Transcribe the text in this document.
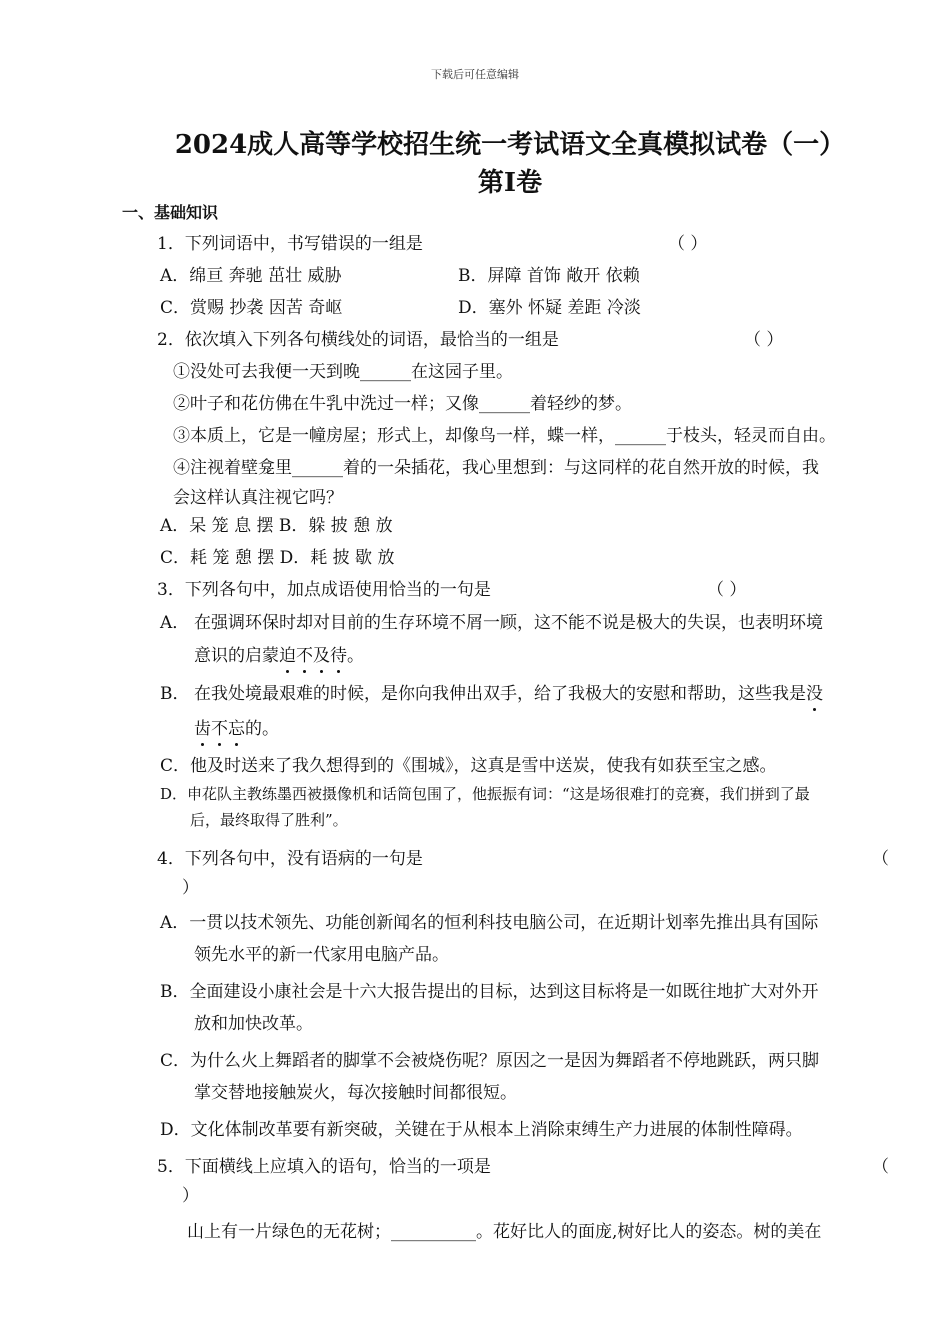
下载后可任意编辑
2024成人高等学校招生统一考试语文全真模拟试卷（一）
第Ⅰ卷
一、基础知识
1．下列词语中，书写错误的一组是	（ ）
A．绵亘 奔驰 茁壮 威胁	B．屏障 首饰 敞开 依赖
C．赏赐 抄袭 因苦 奇岖	D．塞外 怀疑 差距 冷淡
2．依次填入下列各句横线处的词语，最恰当的一组是	（ ）
①没处可去我便一天到晚______在这园子里。
②叶子和花仿佛在牛乳中洗过一样；又像______着轻纱的梦。
③本质上，它是一幢房屋；形式上，却像鸟一样，蝶一样，______于枝头，轻灵而自由。
④注视着壁龛里______着的一朵插花，我心里想到：与这同样的花自然开放的时候，我
会这样认真注视它吗？
A．呆 笼 息 摆 B．躲 披 憩 放
C．耗 笼 憩 摆 D．耗 披 歇 放
3．下列各句中，加点成语使用恰当的一句是	（ ）
A． 在强调环保时却对目前的生存环境不屑一顾，这不能不说是极大的失误，也表明环境
意识的启蒙迫不及待。
B． 在我处境最艰难的时候，是你向我伸出双手，给了我极大的安慰和帮助，这些我是没
齿不忘的。
C．他及时送来了我久想得到的《围城》，这真是雪中送炭，使我有如获至宝之感。
D．申花队主教练墨西被摄像机和话筒包围了，他振振有词：“这是场很难打的竞赛，我们拼到了最
后，最终取得了胜利”。
4．下列各句中，没有语病的一句是	（
）
A．一贯以技术领先、功能创新闻名的恒利科技电脑公司，在近期计划率先推出具有国际
领先水平的新一代家用电脑产品。
B．全面建设小康社会是十六大报告提出的目标，达到这目标将是一如既往地扩大对外开
放和加快改革。
C．为什么火上舞蹈者的脚掌不会被烧伤呢？原因之一是因为舞蹈者不停地跳跃，两只脚
掌交替地接触炭火，每次接触时间都很短。
D．文化体制改革要有新突破，关键在于从根本上消除束缚生产力进展的体制性障碍。
5．下面横线上应填入的语句，恰当的一项是	（
）
山上有一片绿色的无花树；__________。花好比人的面庞,树好比人的姿态。树的美在
